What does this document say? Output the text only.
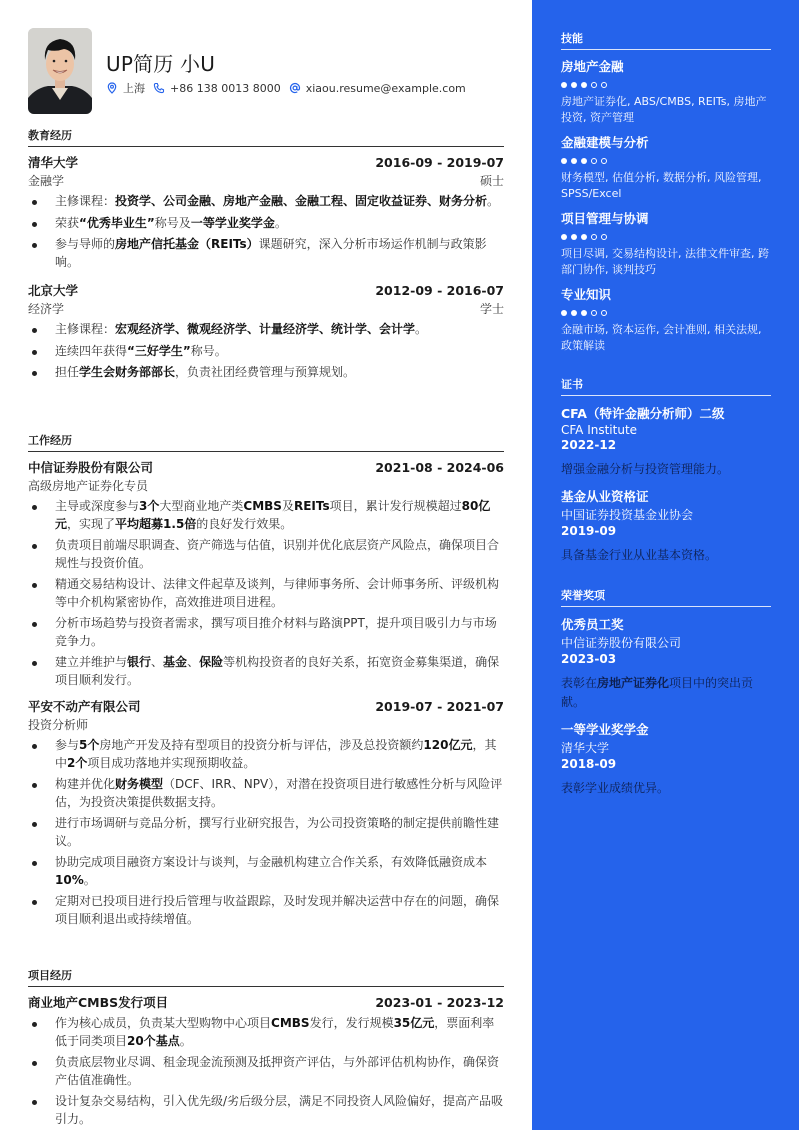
UP简历 小U
上海 +86 138 0013 8000 xiaou.resume@example.com
教育经历
清华大学	2016-09 - 2019-07
金融学	硕士
主修课程：投资学、公司金融、房地产金融、金融工程、固定收益证券、财务分析。
荣获“优秀毕业生”称号及一等学业奖学金。
参与导师的房地产信托基金（REITs）课题研究，深入分析市场运作机制与政策影响。
北京大学	2012-09 - 2016-07
经济学	学士
主修课程：宏观经济学、微观经济学、计量经济学、统计学、会计学。
连续四年获得“三好学生”称号。
担任学生会财务部部长，负责社团经费管理与预算规划。
工作经历
中信证券股份有限公司	2021-08 - 2024-06
高级房地产证券化专员
主导或深度参与3个大型商业地产类CMBS及REITs项目，累计发行规模超过80亿元，实现了平均超募1.5倍的良好发行效果。
负责项目前端尽职调查、资产筛选与估值，识别并优化底层资产风险点，确保项目合规性与投资价值。
精通交易结构设计、法律文件起草及谈判，与律师事务所、会计师事务所、评级机构等中介机构紧密协作，高效推进项目进程。
分析市场趋势与投资者需求，撰写项目推介材料与路演PPT，提升项目吸引力与市场竞争力。
建立并维护与银行、基金、保险等机构投资者的良好关系，拓宽资金募集渠道，确保项目顺利发行。
平安不动产有限公司	2019-07 - 2021-07
投资分析师
参与5个房地产开发及持有型项目的投资分析与评估，涉及总投资额约120亿元，其中2个项目成功落地并实现预期收益。
构建并优化财务模型（DCF、IRR、NPV），对潜在投资项目进行敏感性分析与风险评估，为投资决策提供数据支持。
进行市场调研与竞品分析，撰写行业研究报告，为公司投资策略的制定提供前瞻性建议。
协助完成项目融资方案设计与谈判，与金融机构建立合作关系，有效降低融资成本10%。
定期对已投项目进行投后管理与收益跟踪，及时发现并解决运营中存在的问题，确保项目顺利退出或持续增值。
项目经历
商业地产CMBS发行项目	2023-01 - 2023-12
作为核心成员，负责某大型购物中心项目CMBS发行，发行规模35亿元，票面利率低于同类项目20个基点。
负责底层物业尽调、租金现金流预测及抵押资产评估，与外部评估机构协作，确保资产估值准确性。
设计复杂交易结构，引入优先级/劣后级分层，满足不同投资人风险偏好，提高产品吸引力。
技能
房地产金融
房地产证券化, ABS/CMBS, REITs, 房地产投资, 资产管理
金融建模与分析
财务模型, 估值分析, 数据分析, 风险管理, SPSS/Excel
项目管理与协调
项目尽调, 交易结构设计, 法律文件审查, 跨部门协作, 谈判技巧
专业知识
金融市场, 资本运作, 会计准则, 相关法规, 政策解读
证书
CFA（特许金融分析师）二级
CFA Institute
2022-12
增强金融分析与投资管理能力。
基金从业资格证
中国证券投资基金业协会
2019-09
具备基金行业从业基本资格。
荣誉奖项
优秀员工奖
中信证券股份有限公司
2023-03
表彰在房地产证券化项目中的突出贡献。
一等学业奖学金
清华大学
2018-09
表彰学业成绩优异。
